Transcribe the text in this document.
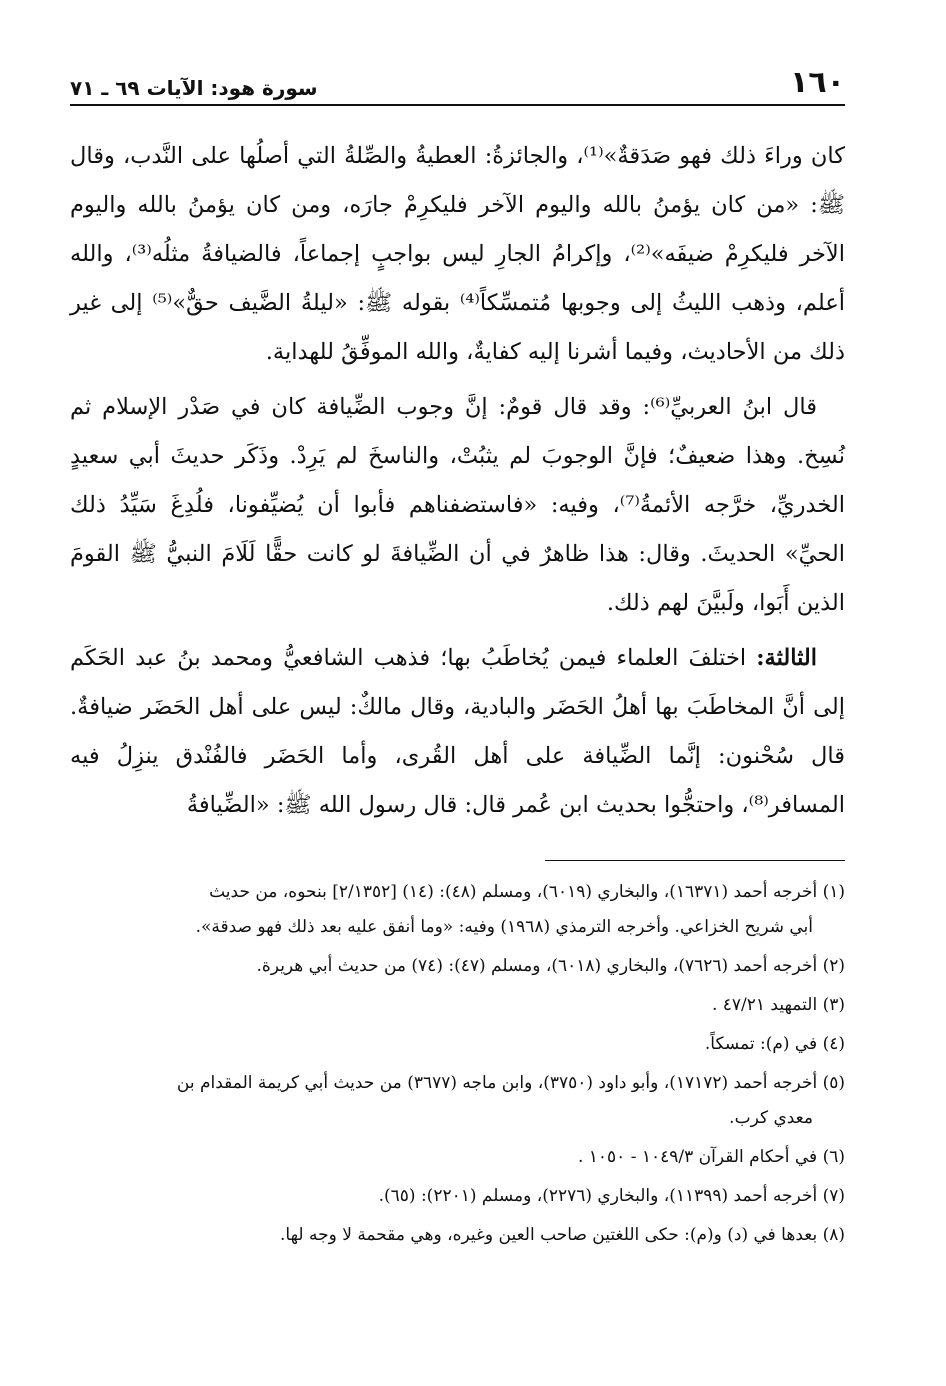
١٦٠
سورة هود: الآيات ٦٩ ـ ٧١

كان وراءَ ذلك فهو صَدَقةٌ»⁽¹⁾، والجائزةُ: العطيةُ والصِّلةُ التي أصلُها على النَّدب، وقال ﷺ: «من كان يؤمنُ بالله واليوم الآخر فليكرِمْ جارَه، ومن كان يؤمنُ بالله واليوم الآخر فليكرِمْ ضيفَه»⁽²⁾، وإكرامُ الجارِ ليس بواجبٍ إجماعاً، فالضيافةُ مثلُه⁽³⁾، والله أعلم، وذهب الليثُ إلى وجوبها مُتمسِّكاً⁽⁴⁾ بقوله ﷺ: «ليلةُ الضَّيف حقٌّ»⁽⁵⁾ إلى غير ذلك من الأحاديث، وفيما أشرنا إليه كفايةٌ، والله الموفِّقُ للهداية.

قال ابنُ العربيِّ⁽⁶⁾: وقد قال قومٌ: إنَّ وجوب الضِّيافة كان في صَدْر الإسلام ثم نُسِخ. وهذا ضعيفٌ؛ فإنَّ الوجوبَ لم يثبُتْ، والناسخَ لم يَرِدْ. وذَكَر حديثَ أبي سعيدٍ الخدريِّ، خرَّجه الأئمةُ⁽⁷⁾، وفيه: «فاستضفناهم فأبوا أن يُضيِّفونا، فلُدِغَ سَيِّدُ ذلك الحيِّ» الحديثَ. وقال: هذا ظاهرٌ في أن الضِّيافةَ لو كانت حقًّا لَلَامَ النبيُّ ﷺ القومَ الذين أَبَوا، ولَبيَّنَ لهم ذلك.

الثالثة: اختلفَ العلماء فيمن يُخاطَبُ بها؛ فذهب الشافعيُّ ومحمد بنُ عبد الحَكَم إلى أنَّ المخاطَبَ بها أهلُ الحَضَر والبادية، وقال مالكٌ: ليس على أهل الحَضَر ضيافةٌ. قال سُحْنون: إنَّما الضِّيافة على أهل القُرى، وأما الحَضَر فالفُنْدق ينزِلُ فيه المسافر⁽⁸⁾، واحتجُّوا بحديث ابن عُمر قال: قال رسول الله ﷺ: «الضِّيافةُ

(١) أخرجه أحمد (١٦٣٧١)، والبخاري (٦٠١٩)، ومسلم (٤٨): (١٤) [٢/١٣٥٢] بنحوه، من حديث
أبي شريح الخزاعي. وأخرجه الترمذي (١٩٦٨) وفيه: «وما أنفق عليه بعد ذلك فهو صدقة».
(٢) أخرجه أحمد (٧٦٢٦)، والبخاري (٦٠١٨)، ومسلم (٤٧): (٧٤) من حديث أبي هريرة.
(٣) التمهيد ٤٧/٢١ .
(٤) في (م): تمسكاً.
(٥) أخرجه أحمد (١٧١٧٢)، وأبو داود (٣٧٥٠)، وابن ماجه (٣٦٧٧) من حديث أبي كريمة المقدام بن
معدي كرب.
(٦) في أحكام القرآن ١٠٤٩/٣ - ١٠٥٠ .
(٧) أخرجه أحمد (١١٣٩٩)، والبخاري (٢٢٧٦)، ومسلم (٢٢٠١): (٦٥).
(٨) بعدها في (د) و(م): حكى اللغتين صاحب العين وغيره، وهي مقحمة لا وجه لها.
